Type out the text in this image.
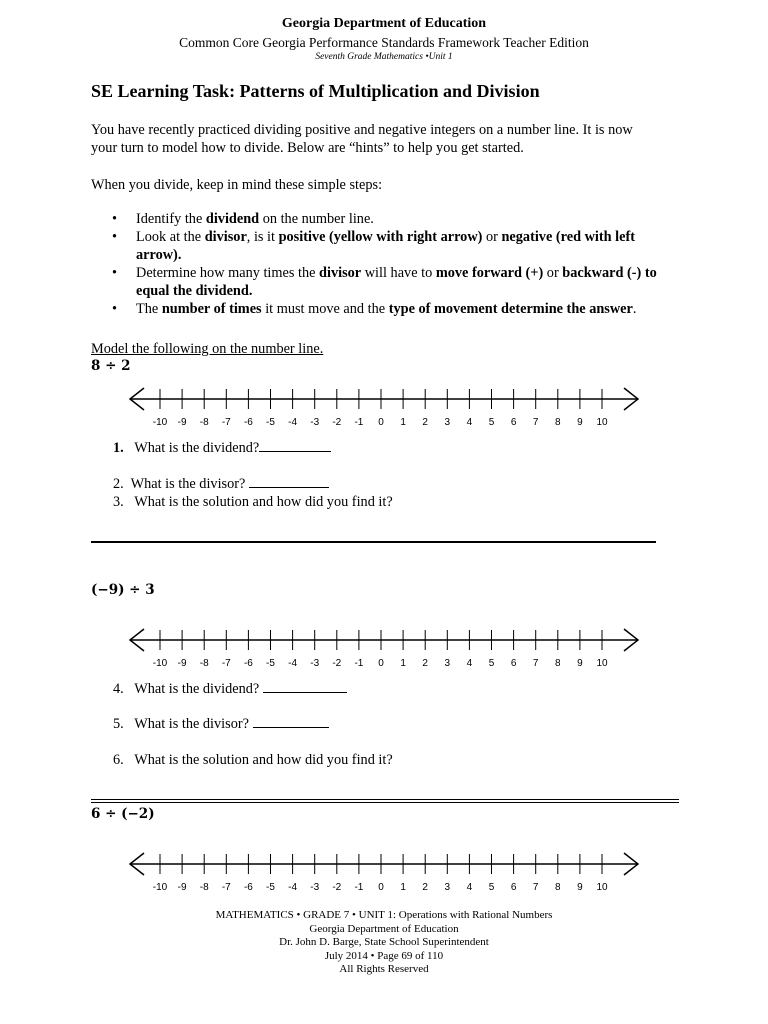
Georgia Department of Education
Common Core Georgia Performance Standards Framework Teacher Edition
Seventh Grade Mathematics •Unit 1
SE Learning Task: Patterns of Multiplication and Division
You have recently practiced dividing positive and negative integers on a number line. It is now
your turn to model how to divide. Below are “hints” to help you get started.
When you divide, keep in mind these simple steps:
• Identify the dividend on the number line.
• Look at the divisor, is it positive (yellow with right arrow) or negative (red with left arrow).
• Determine how many times the divisor will have to move forward (+) or backward (-) to equal the dividend.
• The number of times it must move and the type of movement determine the answer.
Model the following on the number line.
8 ÷ 2
-10 -9 -8 -7 -6 -5 -4 -3 -2 -1 0 1 2 3 4 5 6 7 8 9 10
1. What is the dividend?
2. What is the divisor?
3. What is the solution and how did you find it?
(−9) ÷ 3
-10 -9 -8 -7 -6 -5 -4 -3 -2 -1 0 1 2 3 4 5 6 7 8 9 10
4. What is the dividend?
5. What is the divisor?
6. What is the solution and how did you find it?
6 ÷ (−2)
-10 -9 -8 -7 -6 -5 -4 -3 -2 -1 0 1 2 3 4 5 6 7 8 9 10
MATHEMATICS • GRADE 7 • UNIT 1: Operations with Rational Numbers
Georgia Department of Education
Dr. John D. Barge, State School Superintendent
July 2014 • Page 69 of 110
All Rights Reserved
